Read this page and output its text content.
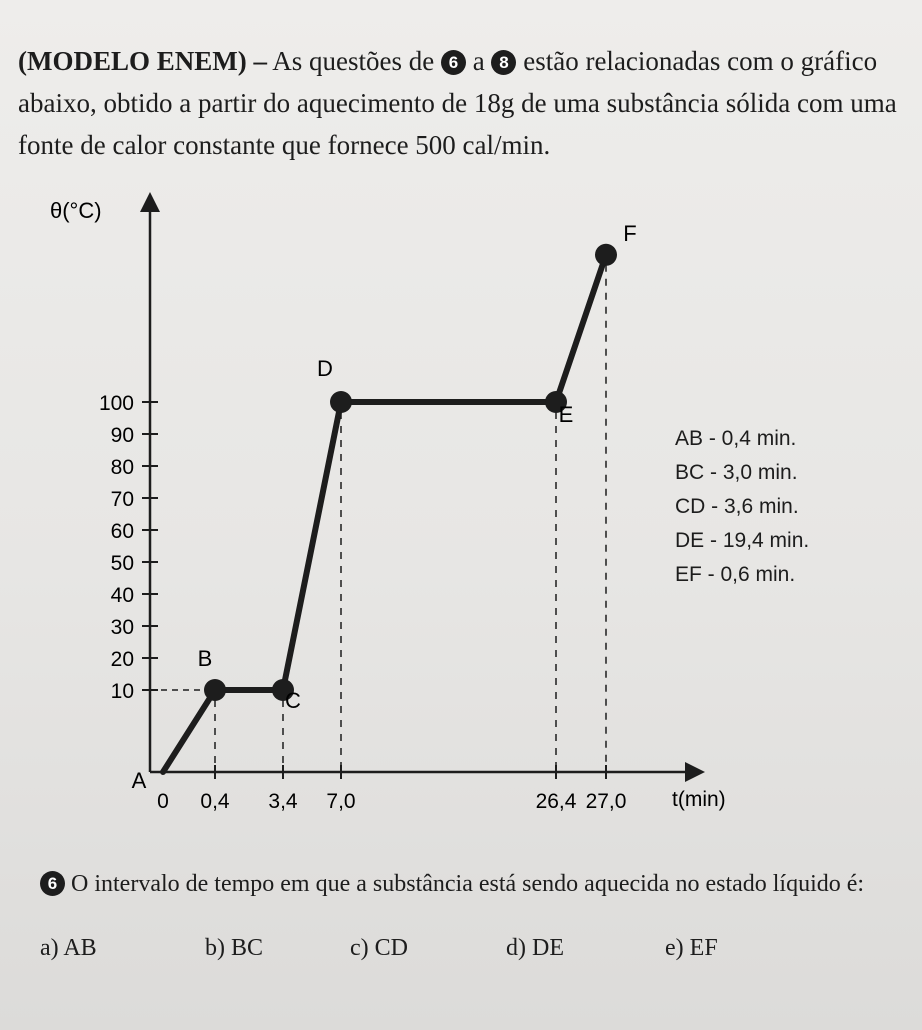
(MODELO ENEM) – As questões de 6 a 8 estão relacionadas com o gráfico abaixo, obtido a partir do aquecimento de 18g de uma substância sólida com uma fonte de calor constante que fornece 500 cal/min.
θ(°C)
t(min)
10
20
30
40
50
60
70
80
90
100
0 0,4 3,4 7,0	26,4 27,0
A
B
C
D
E
F
AB - 0,4 min.
BC - 3,0 min.
CD - 3,6 min.
DE - 19,4 min.
EF - 0,6 min.
6 O intervalo de tempo em que a substância está sendo aquecida no estado líquido é:
a) AB	b) BC	c) CD	d) DE	e) EF
